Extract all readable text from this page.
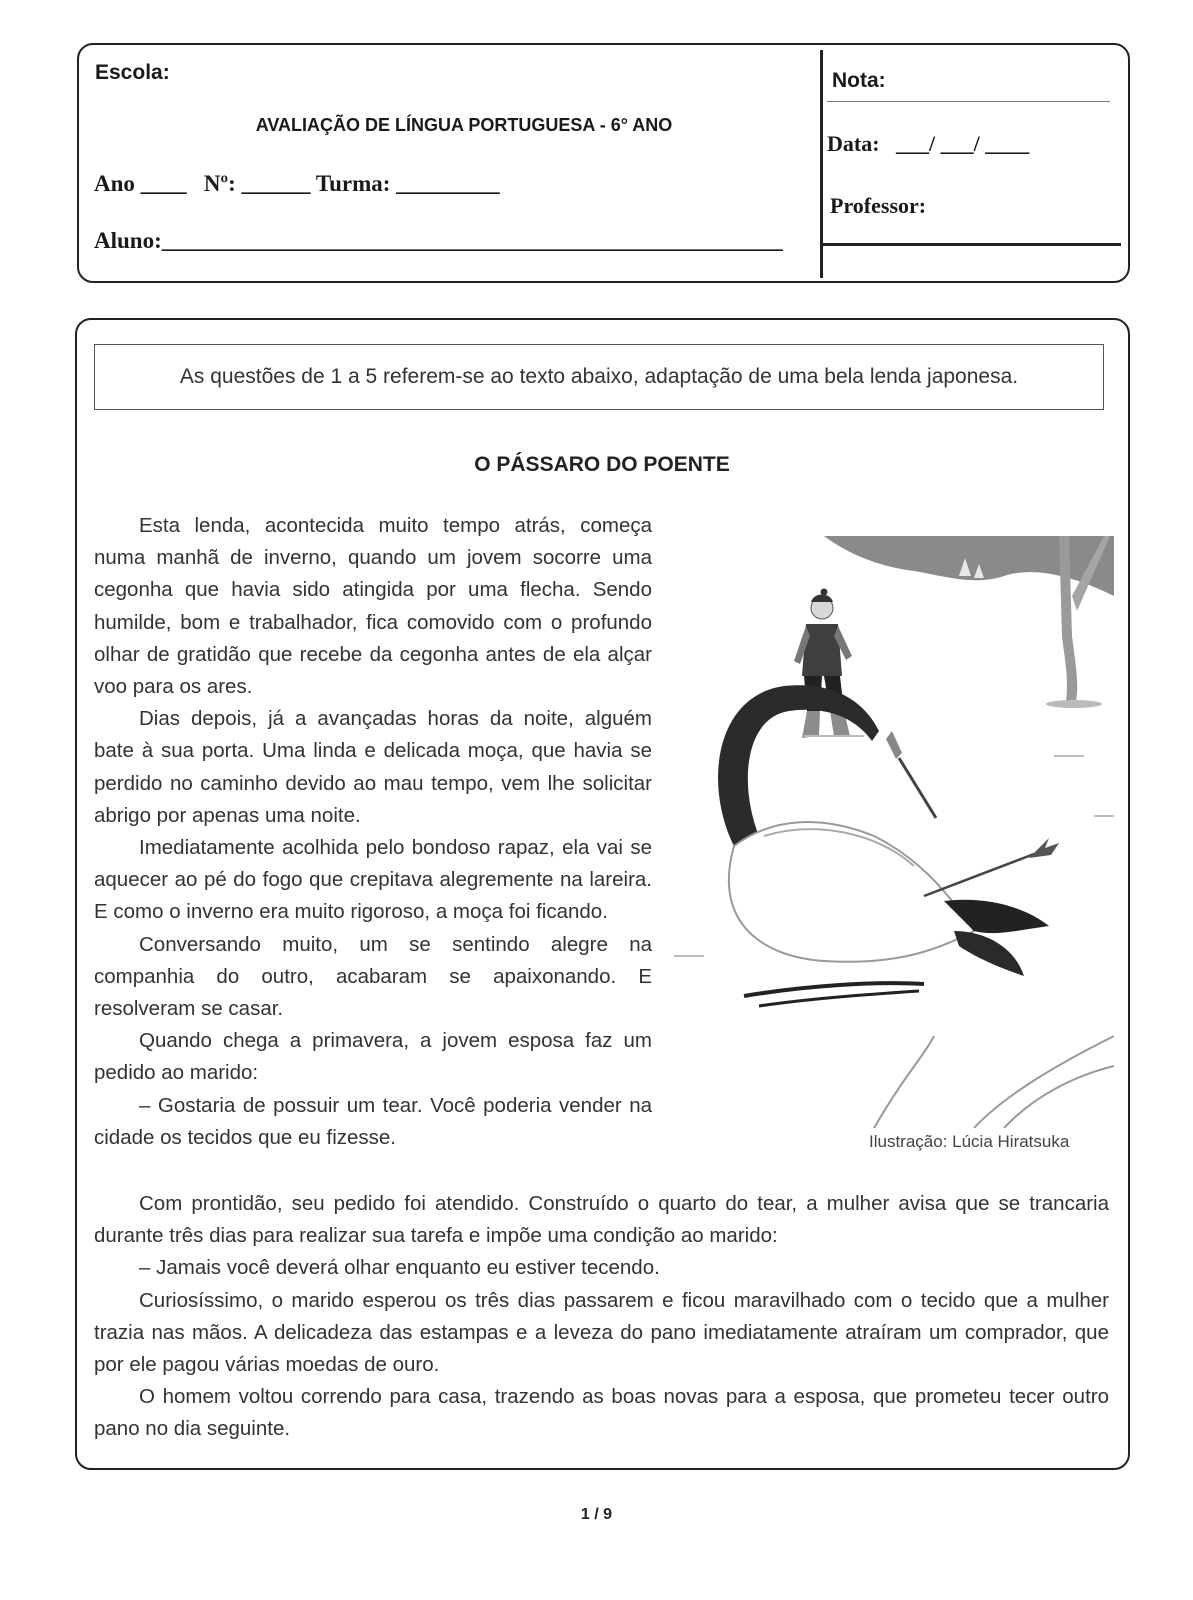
Escola:
AVALIAÇÃO DE LÍNGUA PORTUGUESA - 6° ANO
Ano ____   Nº: ______ Turma: _________
Aluno:______________________________________________________
Nota:
Data:   ___/ ___/ ____
Professor:
As questões de 1 a 5 referem-se ao texto abaixo, adaptação de uma bela lenda japonesa.
O PÁSSARO DO POENTE

Esta lenda, acontecida muito tempo atrás, começa numa manhã de inverno, quando um jovem socorre uma cegonha que havia sido atingida por uma flecha. Sendo humilde, bom e trabalhador, fica comovido com o profundo olhar de gratidão que recebe da cegonha antes de ela alçar voo para os ares.

Dias depois, já a avançadas horas da noite, alguém bate à sua porta. Uma linda e delicada moça, que havia se perdido no caminho devido ao mau tempo, vem lhe solicitar abrigo por apenas uma noite.

Imediatamente acolhida pelo bondoso rapaz, ela vai se aquecer ao pé do fogo que crepitava alegremente na lareira. E como o inverno era muito rigoroso, a moça foi ficando.

Conversando muito, um se sentindo alegre na companhia do outro, acabaram se apaixonando. E resolveram se casar.

Quando chega a primavera, a jovem esposa faz um pedido ao marido:

– Gostaria de possuir um tear. Você poderia vender na cidade os tecidos que eu fizesse.	Ilustração: Lúcia Hiratsuka

Com prontidão, seu pedido foi atendido. Construído o quarto do tear, a mulher avisa que se trancaria durante três dias para realizar sua tarefa e impõe uma condição ao marido:

– Jamais você deverá olhar enquanto eu estiver tecendo.

Curiosíssimo, o marido esperou os três dias passarem e ficou maravilhado com o tecido que a mulher trazia nas mãos. A delicadeza das estampas e a leveza do pano imediatamente atraíram um comprador, que por ele pagou várias moedas de ouro.

O homem voltou correndo para casa, trazendo as boas novas para a esposa, que prometeu tecer outro pano no dia seguinte.

1 / 9
